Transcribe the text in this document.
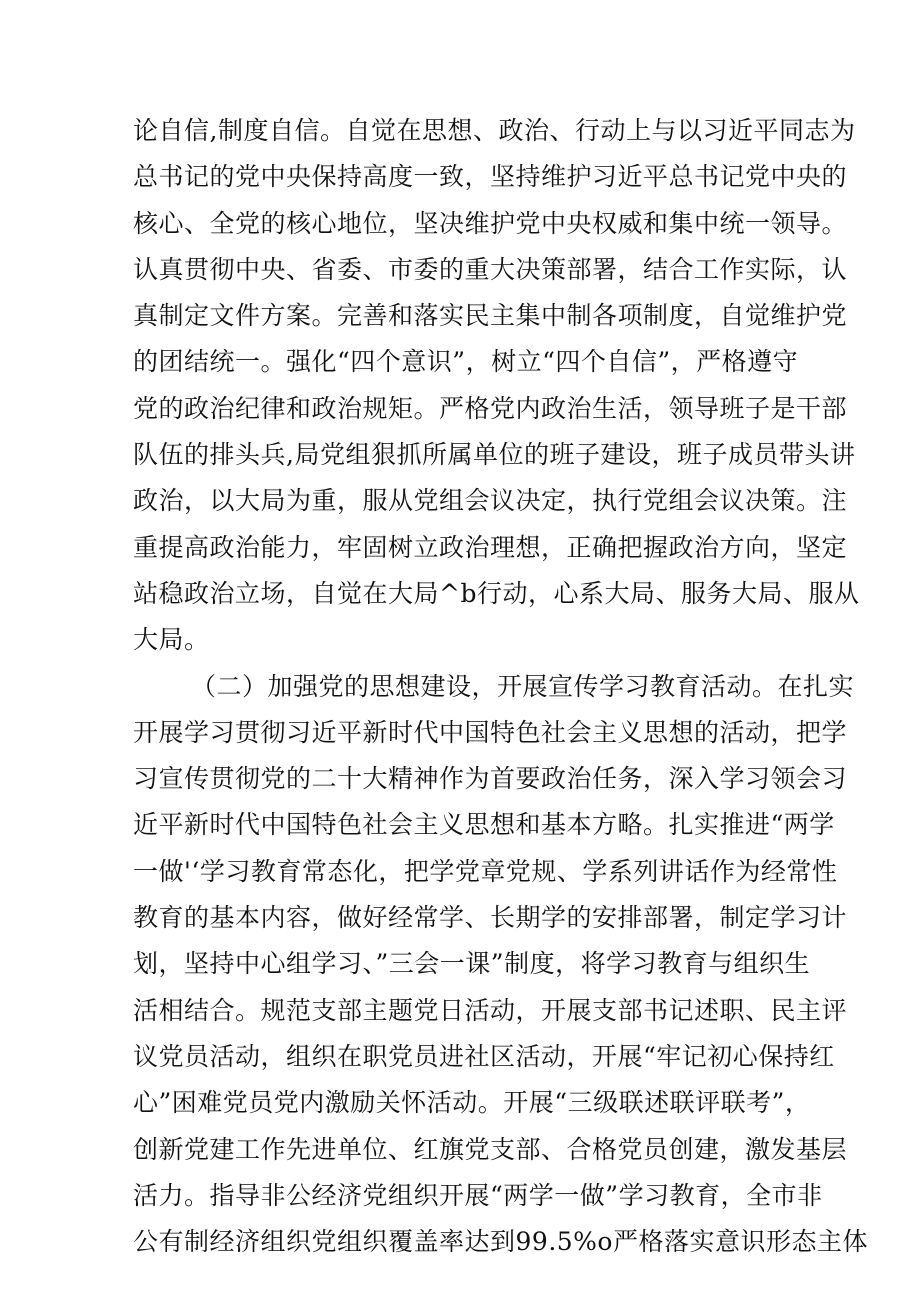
论自信,制度自信。自觉在思想、政治、行动上与以习近平同志为
总书记的党中央保持高度一致，坚持维护习近平总书记党中央的
核心、全党的核心地位，坚决维护党中央权威和集中统一领导。
认真贯彻中央、省委、市委的重大决策部署，结合工作实际，认
真制定文件方案。完善和落实民主集中制各项制度，自觉维护党
的团结统一。强化“四个意识”，树立“四个自信”，严格遵守
党的政治纪律和政治规矩。严格党内政治生活，领导班子是干部
队伍的排头兵,局党组狠抓所属单位的班子建设，班子成员带头讲
政治，以大局为重，服从党组会议决定，执行党组会议决策。注
重提高政治能力，牢固树立政治理想，正确把握政治方向，坚定
站稳政治立场，自觉在大局^b行动，心系大局、服务大局、服从
大局。
（二）加强党的思想建设，开展宣传学习教育活动。在扎实
开展学习贯彻习近平新时代中国特色社会主义思想的活动，把学
习宣传贯彻党的二十大精神作为首要政治任务，深入学习领会习
近平新时代中国特色社会主义思想和基本方略。扎实推进“两学
一做'‘学习教育常态化，把学党章党规、学系列讲话作为经常性
教育的基本内容，做好经常学、长期学的安排部署，制定学习计
划，坚持中心组学习、”三会一课”制度，将学习教育与组织生
活相结合。规范支部主题党日活动，开展支部书记述职、民主评
议党员活动，组织在职党员进社区活动，开展“牢记初心保持红
心”困难党员党内激励关怀活动。开展“三级联述联评联考”，
创新党建工作先进单位、红旗党支部、合格党员创建，激发基层
活力。指导非公经济党组织开展“两学一做”学习教育，全市非
公有制经济组织党组织覆盖率达到99.5%o严格落实意识形态主体
